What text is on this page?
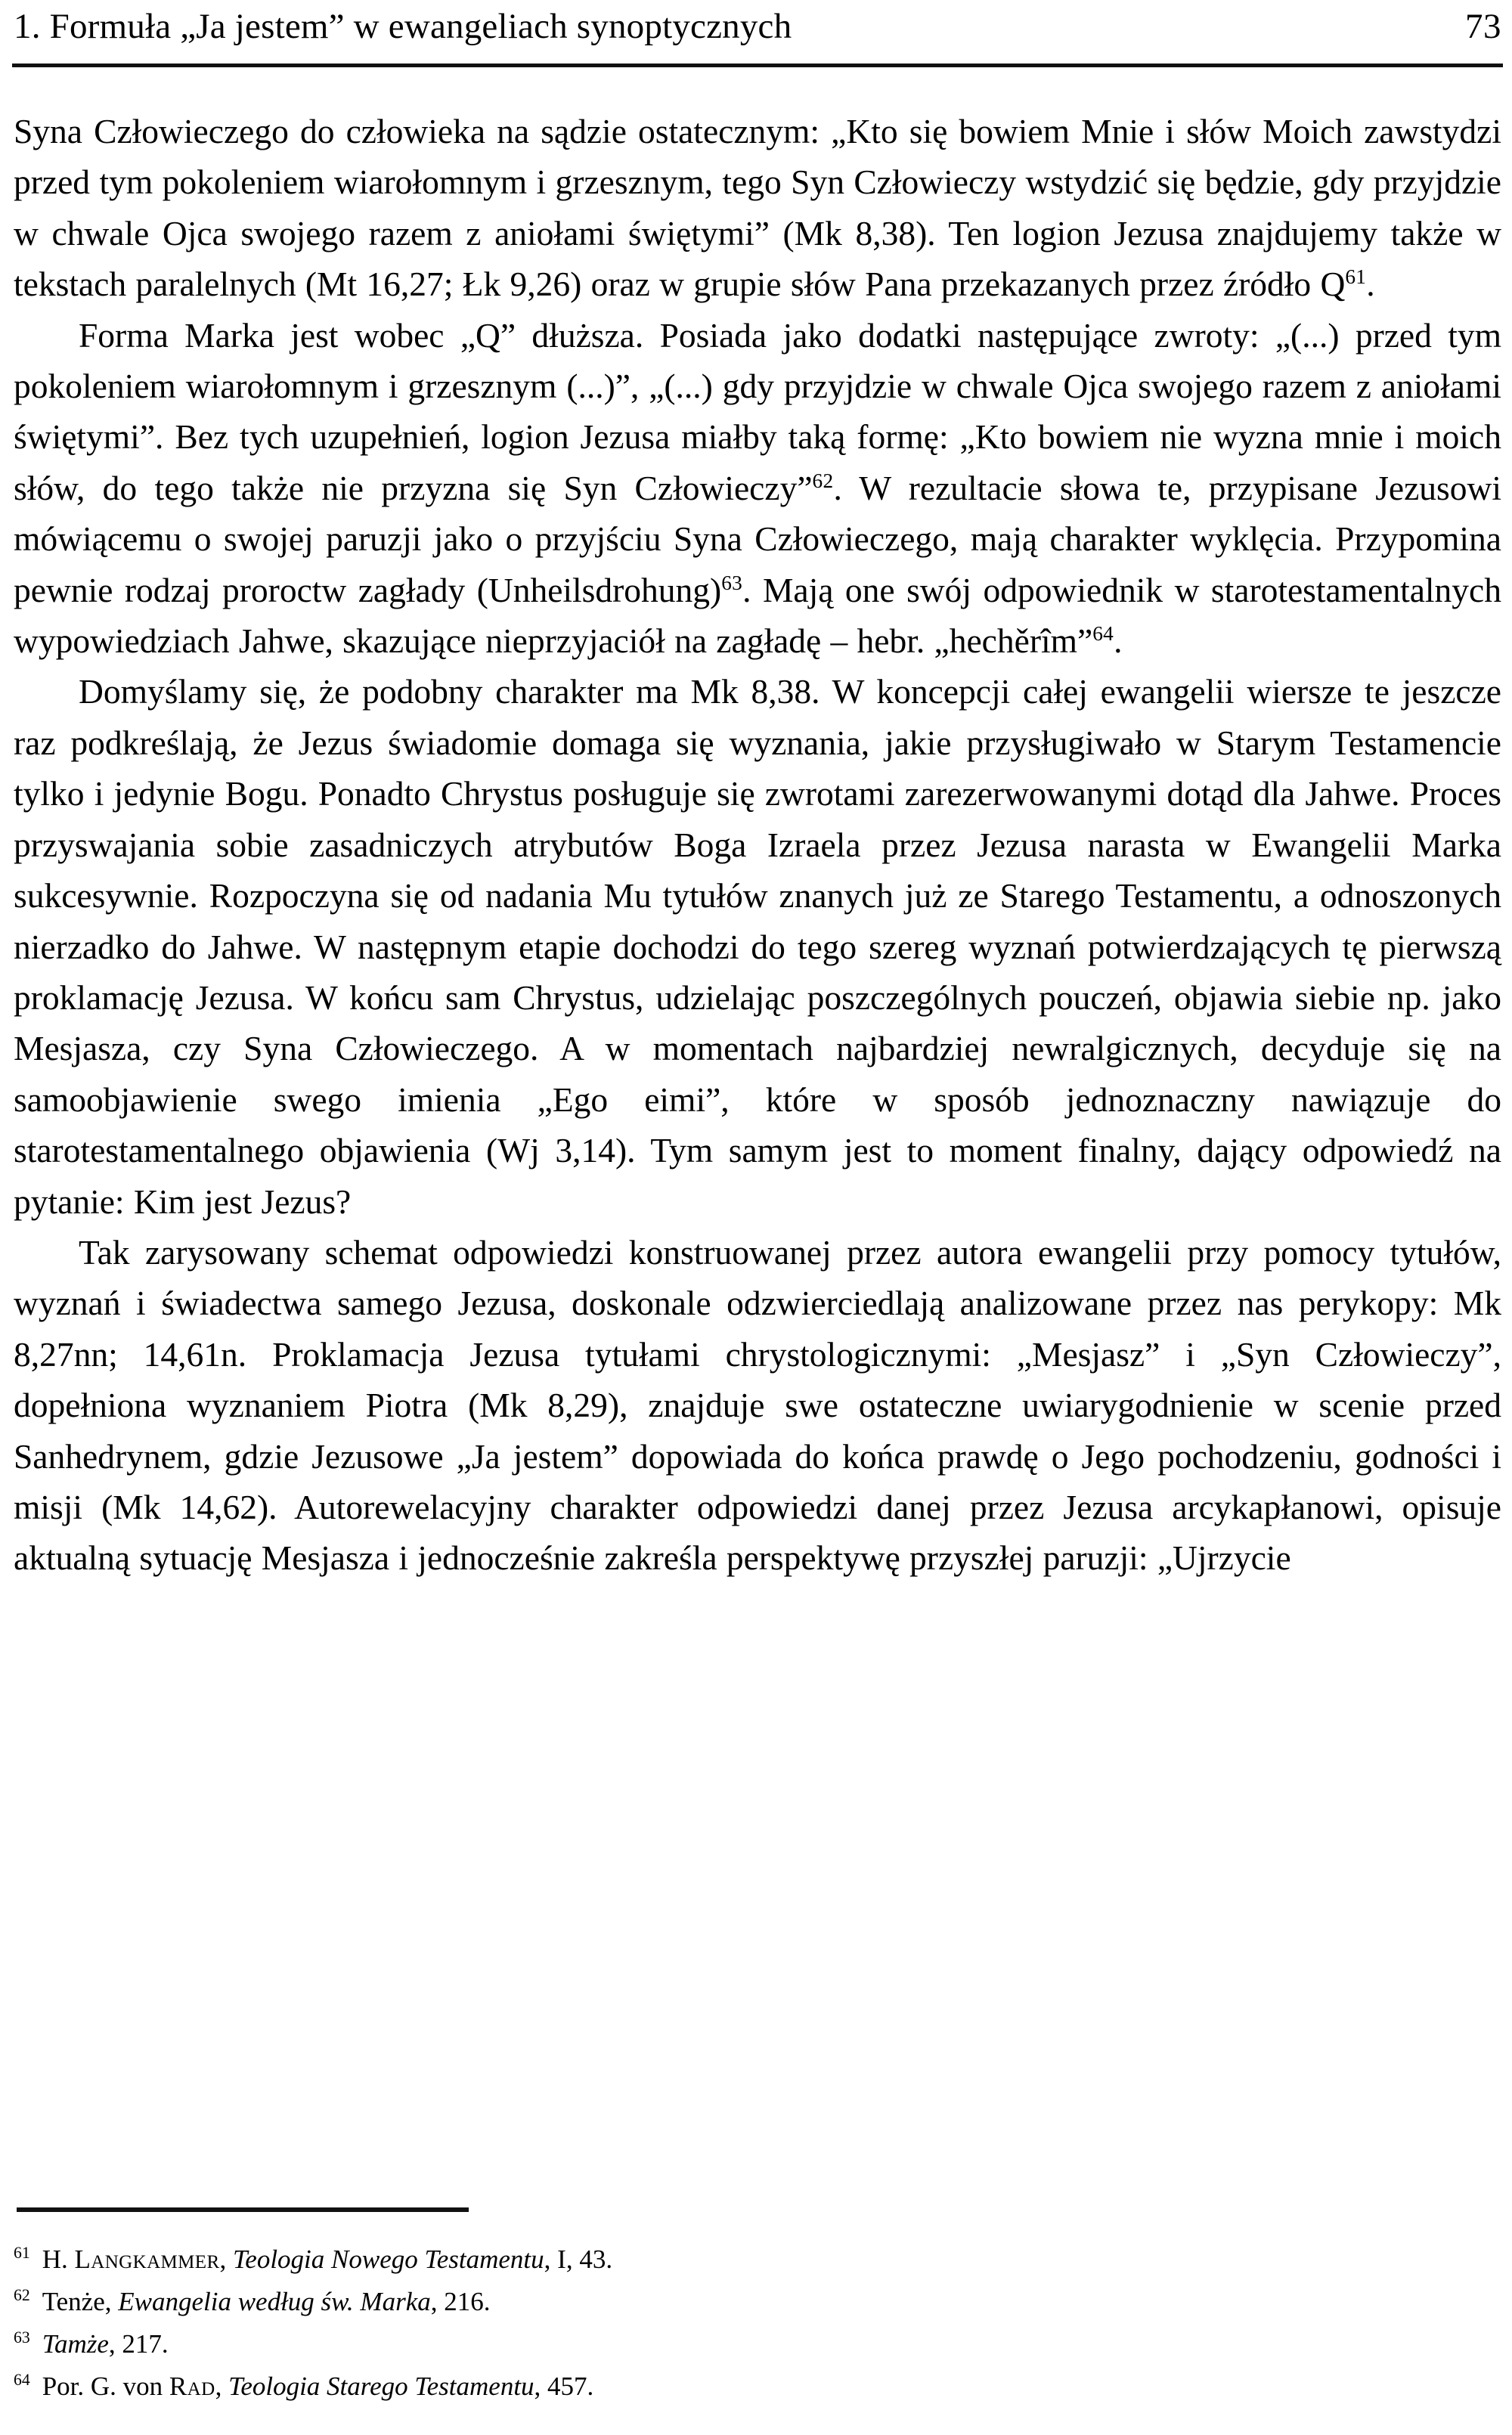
1. Formuła „Ja jestem” w ewangeliach synoptycznych	73

Syna Człowieczego do człowieka na sądzie ostatecznym: „Kto się bowiem Mnie i słów Moich zawstydzi przed tym pokoleniem wiarołomnym i grzesznym, tego Syn Człowieczy wstydzić się będzie, gdy przyjdzie w chwale Ojca swojego razem z aniołami świętymi” (Mk 8,38). Ten logion Jezusa znajdujemy także w tekstach paralelnych (Mt 16,27; Łk 9,26) oraz w grupie słów Pana przekazanych przez źródło Q$^{61}$.

Forma Marka jest wobec „Q” dłuższa. Posiada jako dodatki następujące zwroty: „(...) przed tym pokoleniem wiarołomnym i grzesznym (...)”, „(...) gdy przyjdzie w chwale Ojca swojego razem z aniołami świętymi”. Bez tych uzupełnień, logion Jezusa miałby taką formę: „Kto bowiem nie wyzna mnie i moich słów, do tego także nie przyzna się Syn Człowieczy”$^{62}$. W rezultacie słowa te, przypisane Jezusowi mówiącemu o swojej paruzji jako o przyjściu Syna Człowieczego, mają charakter wyklęcia. Przypomina pewnie rodzaj proroctw zagłady (Unheilsdrohung)$^{63}$. Mają one swój odpowiednik w starotestamentalnych wypowiedziach Jahwe, skazujące nieprzyjaciół na zagładę – hebr. „hechěrîm”$^{64}$.

Domyślamy się, że podobny charakter ma Mk 8,38. W koncepcji całej ewangelii wiersze te jeszcze raz podkreślają, że Jezus świadomie domaga się wyznania, jakie przysługiwało w Starym Testamencie tylko i jedynie Bogu. Ponadto Chrystus posługuje się zwrotami zarezerwowanymi dotąd dla Jahwe. Proces przyswajania sobie zasadniczych atrybutów Boga Izraela przez Jezusa narasta w Ewangelii Marka sukcesywnie. Rozpoczyna się od nadania Mu tytułów znanych już ze Starego Testamentu, a odnoszonych nierzadko do Jahwe. W następnym etapie dochodzi do tego szereg wyznań potwierdzających tę pierwszą proklamację Jezusa. W końcu sam Chrystus, udzielając poszczególnych pouczeń, objawia siebie np. jako Mesjasza, czy Syna Człowieczego. A w momentach najbardziej newralgicznych, decyduje się na samoobjawienie swego imienia „Ego eimi”, które w sposób jednoznaczny nawiązuje do starotestamentalnego objawienia (Wj 3,14). Tym samym jest to moment finalny, dający odpowiedź na pytanie: Kim jest Jezus?

Tak zarysowany schemat odpowiedzi konstruowanej przez autora ewangelii przy pomocy tytułów, wyznań i świadectwa samego Jezusa, doskonale odzwierciedlają analizowane przez nas perykopy: Mk 8,27nn; 14,61n. Proklamacja Jezusa tytułami chrystologicznymi: „Mesjasz” i „Syn Człowieczy”, dopełniona wyznaniem Piotra (Mk 8,29), znajduje swe ostateczne uwiarygodnienie w scenie przed Sanhedrynem, gdzie Jezusowe „Ja jestem” dopowiada do końca prawdę o Jego pochodzeniu, godności i misji (Mk 14,62). Autorewelacyjny charakter odpowiedzi danej przez Jezusa arcykapłanowi, opisuje aktualną sytuację Mesjasza i jednocześnie zakreśla perspektywę przyszłej paruzji: „Ujrzycie

$^{61}$ H. Langkammer, Teologia Nowego Testamentu, I, 43.

$^{62}$ Tenże, Ewangelia według św. Marka, 216.

$^{63}$ Tamże, 217.

$^{64}$ Por. G. von Rad, Teologia Starego Testamentu, 457.
